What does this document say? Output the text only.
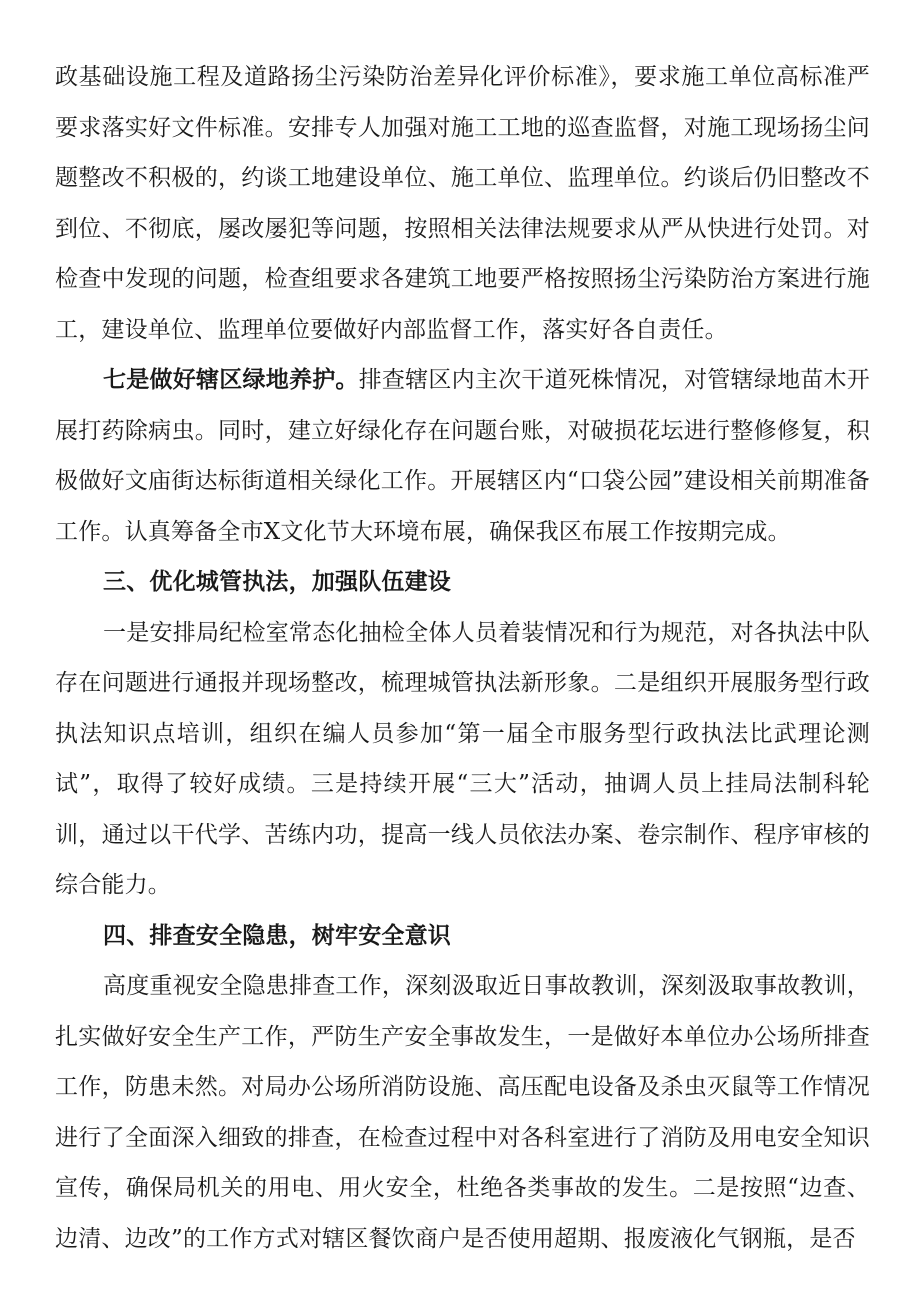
政基础设施工程及道路扬尘污染防治差异化评价标准》，要求施工单位高标准严要求落实好文件标准。安排专人加强对施工工地的巡查监督，对施工现场扬尘问题整改不积极的，约谈工地建设单位、施工单位、监理单位。约谈后仍旧整改不到位、不彻底，屡改屡犯等问题，按照相关法律法规要求从严从快进行处罚。对检查中发现的问题，检查组要求各建筑工地要严格按照扬尘污染防治方案进行施工，建设单位、监理单位要做好内部监督工作，落实好各自责任。

七是做好辖区绿地养护。排查辖区内主次干道死株情况，对管辖绿地苗木开展打药除病虫。同时，建立好绿化存在问题台账，对破损花坛进行整修修复，积极做好文庙街达标街道相关绿化工作。开展辖区内“口袋公园”建设相关前期准备工作。认真筹备全市X文化节大环境布展，确保我区布展工作按期完成。

三、优化城管执法，加强队伍建设

一是安排局纪检室常态化抽检全体人员着装情况和行为规范，对各执法中队存在问题进行通报并现场整改，梳理城管执法新形象。二是组织开展服务型行政执法知识点培训，组织在编人员参加“第一届全市服务型行政执法比武理论测试”，取得了较好成绩。三是持续开展“三大”活动，抽调人员上挂局法制科轮训，通过以干代学、苦练内功，提高一线人员依法办案、卷宗制作、程序审核的综合能力。

四、排查安全隐患，树牢安全意识

高度重视安全隐患排查工作，深刻汲取近日事故教训，深刻汲取事故教训，扎实做好安全生产工作，严防生产安全事故发生，一是做好本单位办公场所排查工作，防患未然。对局办公场所消防设施、高压配电设备及杀虫灭鼠等工作情况进行了全面深入细致的排查，在检查过程中对各科室进行了消防及用电安全知识宣传，确保局机关的用电、用火安全，杜绝各类事故的发生。二是按照“边查、边清、边改”的工作方式对辖区餐饮商户是否使用超期、报废液化气钢瓶，是否
